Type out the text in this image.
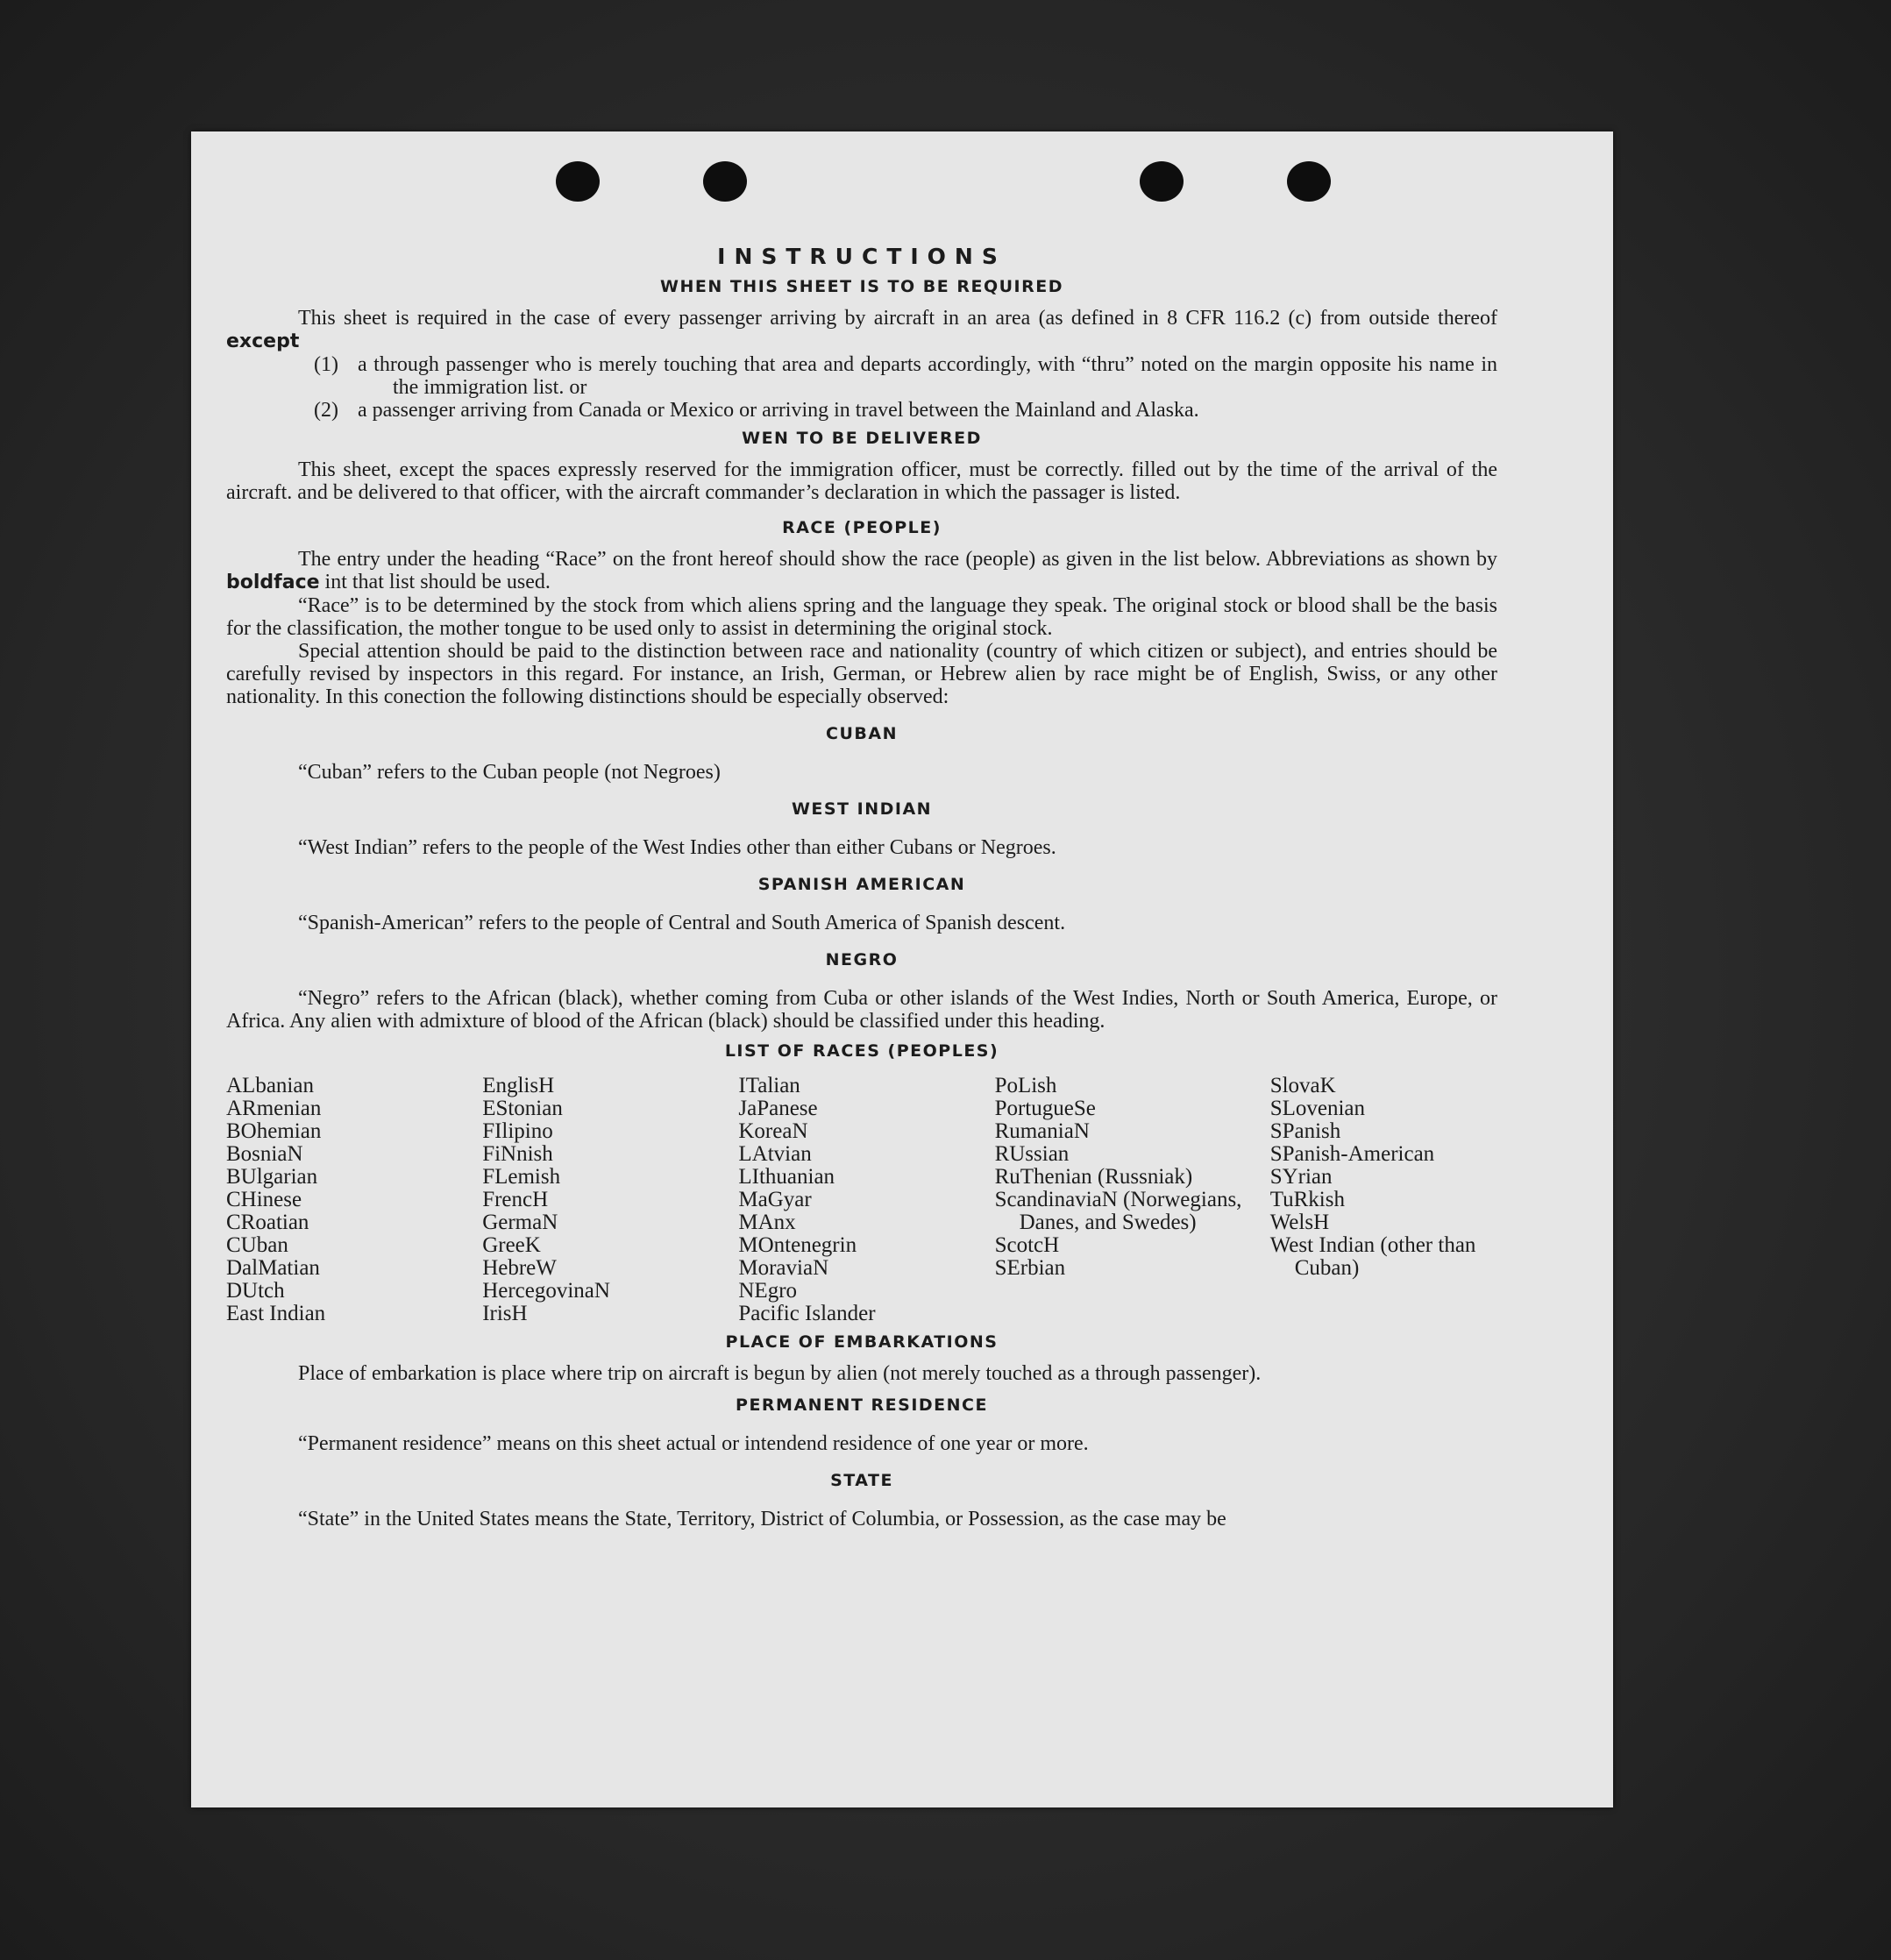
INSTRUCTIONS
WHEN THIS SHEET IS TO BE REQUIRED

This sheet is required in the case of every passenger arriving by aircraft in an area (as defined in 8 CFR 116.2 (c) from outside thereof except

(1) a through passenger who is merely touching that area and departs accordingly, with “thru” noted on the margin opposite his name in the immigration list. or

(2) a passenger arriving from Canada or Mexico or arriving in travel between the Mainland and Alaska.

WEN TO BE DELIVERED

This sheet, except the spaces expressly reserved for the immigration officer, must be correctly. filled out by the time of the arrival of the aircraft. and be delivered to that officer, with the aircraft commander’s declaration in which the passager is listed.

RACE (PEOPLE)

The entry under the heading “Race” on the front hereof should show the race (people) as given in the list below. Abbreviations as shown by boldface int that list should be used.

“Race” is to be determined by the stock from which aliens spring and the language they speak. The original stock or blood shall be the basis for the classification, the mother tongue to be used only to assist in determining the original stock.

Special attention should be paid to the distinction between race and nationality (country of which citizen or subject), and entries should be carefully revised by inspectors in this regard. For instance, an Irish, German, or Hebrew alien by race might be of English, Swiss, or any other nationality. In this conection the following distinctions should be especially observed:

CUBAN

“Cuban” refers to the Cuban people (not Negroes)

WEST INDIAN

“West Indian” refers to the people of the West Indies other than either Cubans or Negroes.

SPANISH AMERICAN

“Spanish-American” refers to the people of Central and South America of Spanish descent.

NEGRO

“Negro” refers to the African (black), whether coming from Cuba or other islands of the West Indies, North or South America, Europe, or Africa. Any alien with admixture of blood of the African (black) should be classified under this heading.

LIST OF RACES (PEOPLES)
ALbanian
ARmenian
BOhemian
BosniaN
BUlgarian
CHinese
CRoatian
CUban
DalMatian
DUtch
East Indian
EnglisH
EStonian
FIlipino
FiNnish
FLemish
FrencH
GermaN
GreeK
HebreW
HercegovinaN
IrisH
ITalian
JaPanese
KoreaN
LAtvian
LIthuanian
MaGyar
MAnx
MOntenegrin
MoraviaN
NEgro
Pacific Islander
PoLish
PortugueSe
RumaniaN
RUssian
RuThenian (Russniak)
ScandinaviaN (Norwegians, Danes, and Swedes)
ScotcH
SErbian
SlovaK
SLovenian
SPanish
SPanish-American
SYrian
TuRkish
WelsH
West Indian (other than Cuban)
PLACE OF EMBARKATIONS

Place of embarkation is place where trip on aircraft is begun by alien (not merely touched as a through passenger).

PERMANENT RESIDENCE

“Permanent residence” means on this sheet actual or intendend residence of one year or more.

STATE

“State” in the United States means the State, Territory, District of Columbia, or Possession, as the case may be
